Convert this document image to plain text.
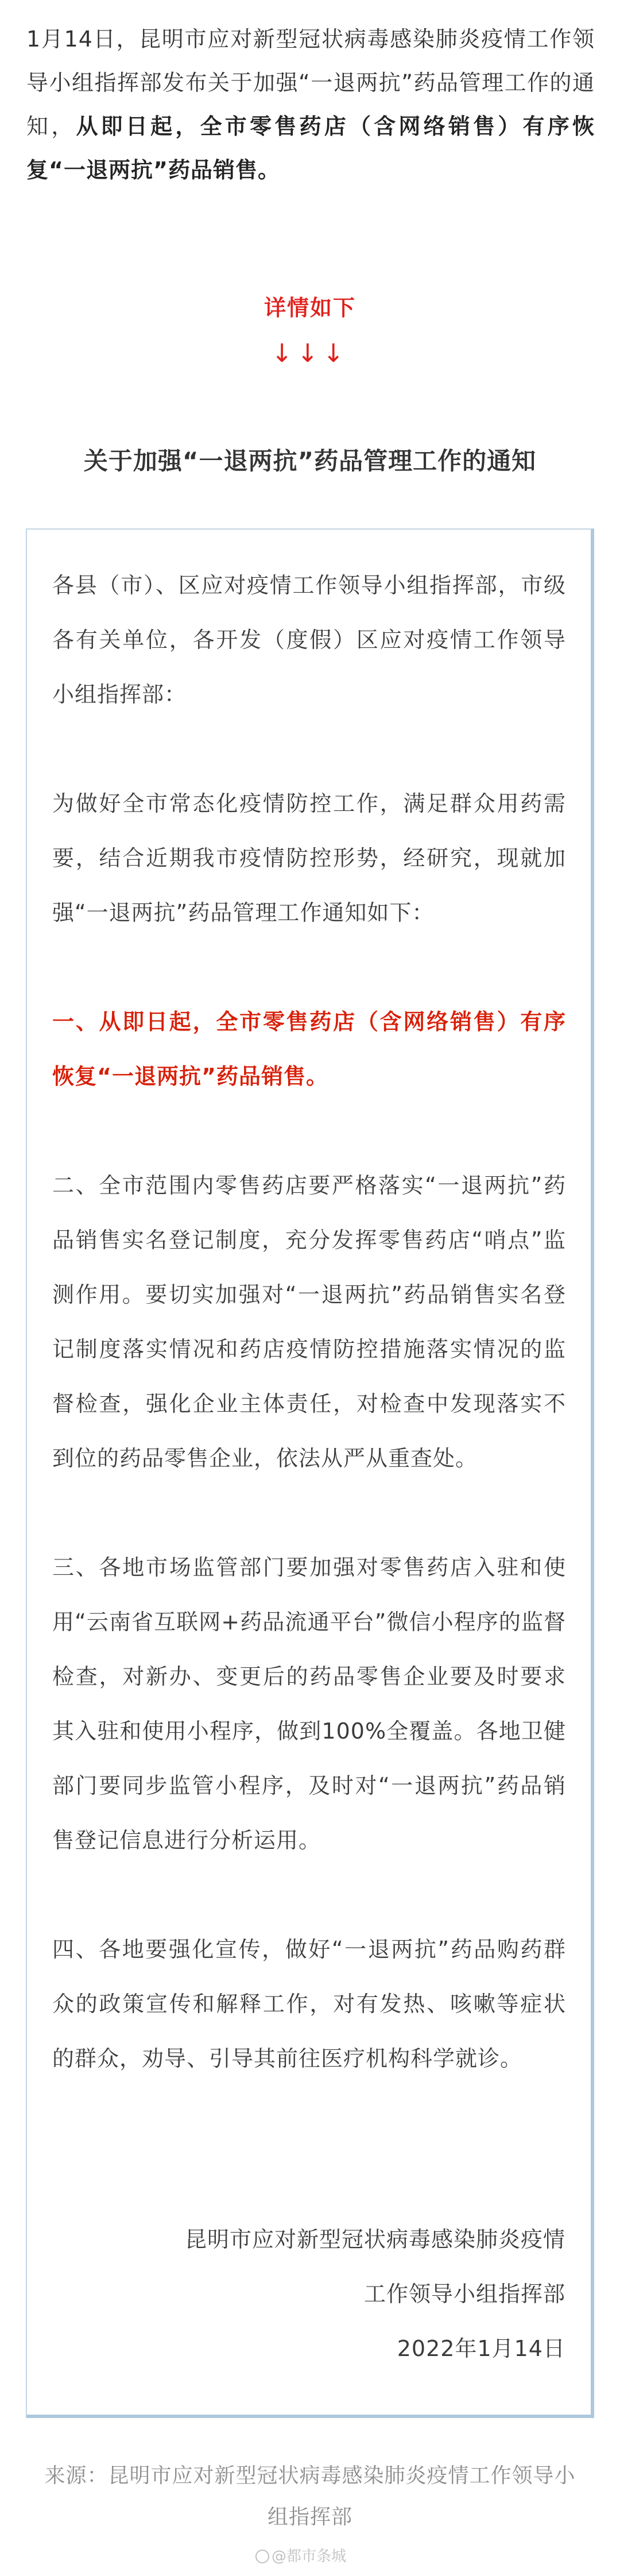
1月14日，昆明市应对新型冠状病毒感染肺炎疫情工作领导小组指挥部发布关于加强“一退两抗”药品管理工作的通知，从即日起，全市零售药店（含网络销售）有序恢复“一退两抗”药品销售。
详情如下
↓↓↓
关于加强“一退两抗”药品管理工作的通知

各县（市）、区应对疫情工作领导小组指挥部，市级各有关单位，各开发（度假）区应对疫情工作领导小组指挥部：

为做好全市常态化疫情防控工作，满足群众用药需要，结合近期我市疫情防控形势，经研究，现就加强“一退两抗”药品管理工作通知如下：

一、从即日起，全市零售药店（含网络销售）有序恢复“一退两抗”药品销售。

二、全市范围内零售药店要严格落实“一退两抗”药品销售实名登记制度，充分发挥零售药店“哨点”监测作用。要切实加强对“一退两抗”药品销售实名登记制度落实情况和药店疫情防控措施落实情况的监督检查，强化企业主体责任，对检查中发现落实不到位的药品零售企业，依法从严从重查处。

三、各地市场监管部门要加强对零售药店入驻和使用“云南省互联网+药品流通平台”微信小程序的监督检查，对新办、变更后的药品零售企业要及时要求其入驻和使用小程序，做到100%全覆盖。各地卫健部门要同步监管小程序，及时对“一退两抗”药品销售登记信息进行分析运用。

四、各地要强化宣传，做好“一退两抗”药品购药群众的政策宣传和解释工作，对有发热、咳嗽等症状的群众，劝导、引导其前往医疗机构科学就诊。

昆明市应对新型冠状病毒感染肺炎疫情
工作领导小组指挥部
2022年1月14日
来源：昆明市应对新型冠状病毒感染肺炎疫情工作领导小组指挥部
@都市条城
